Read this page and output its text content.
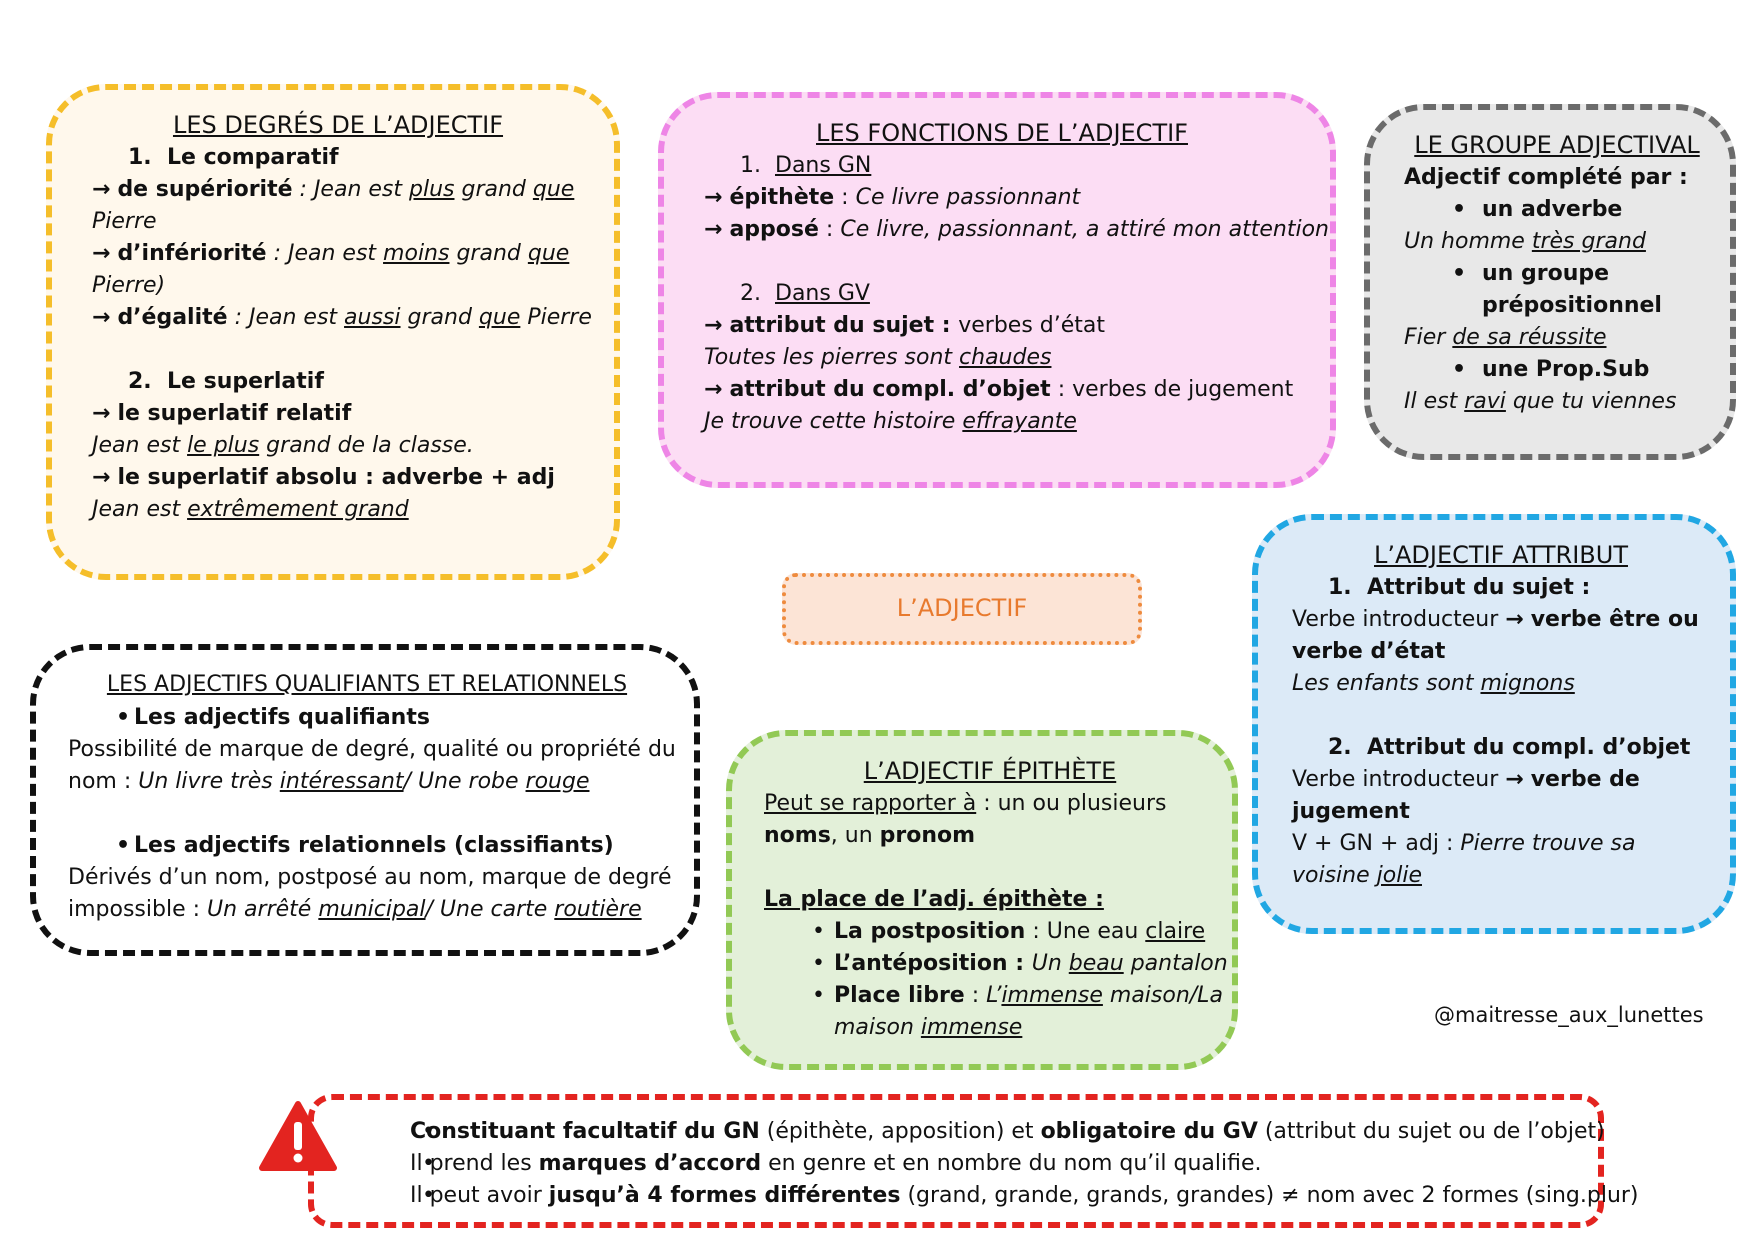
LES DEGRÉS DE L’ADJECTIF
1. Le comparatif
→ de supériorité : Jean est plus grand que
Pierre
→ d’infériorité : Jean est moins grand que
Pierre)
→ d’égalité : Jean est aussi grand que Pierre
2. Le superlatif
→ le superlatif relatif
Jean est le plus grand de la classe.
→ le superlatif absolu : adverbe + adj
Jean est extrêmement grand
LES FONCTIONS DE L’ADJECTIF
1. Dans GN
→ épithète : Ce livre passionnant
→ apposé : Ce livre, passionnant, a attiré mon attention
2. Dans GV
→ attribut du sujet : verbes d’état
Toutes les pierres sont chaudes
→ attribut du compl. d’objet : verbes de jugement
Je trouve cette histoire effrayante
LE GROUPE ADJECTIVAL
Adjectif complété par :
• un adverbe
Un homme très grand
• un groupe
prépositionnel
Fier de sa réussite
• une Prop.Sub
Il est ravi que tu viennes
L’ADJECTIF
L’ADJECTIF ATTRIBUT
1. Attribut du sujet :
Verbe introducteur → verbe être ou
verbe d’état
Les enfants sont mignons
2. Attribut du compl. d’objet
Verbe introducteur → verbe de
jugement
V + GN + adj : Pierre trouve sa
voisine jolie
LES ADJECTIFS QUALIFIANTS ET RELATIONNELS
• Les adjectifs qualifiants
Possibilité de marque de degré, qualité ou propriété du
nom : Un livre très intéressant/ Une robe rouge
• Les adjectifs relationnels (classifiants)
Dérivés d’un nom, postposé au nom, marque de degré
impossible : Un arrêté municipal/ Une carte routière
L’ADJECTIF ÉPITHÈTE
Peut se rapporter à : un ou plusieurs
noms, un pronom
La place de l’adj. épithète :
• La postposition : Une eau claire
• L’antéposition : Un beau pantalon
• Place libre : L’immense maison/La
maison immense	@maitresse_aux_lunettes
• Constituant facultatif du GN (épithète, apposition) et obligatoire du GV (attribut du sujet ou de l’objet)
• Il prend les marques d’accord en genre et en nombre du nom qu’il qualifie.
• Il peut avoir jusqu’à 4 formes différentes (grand, grande, grands, grandes) ≠ nom avec 2 formes (sing.plur)
